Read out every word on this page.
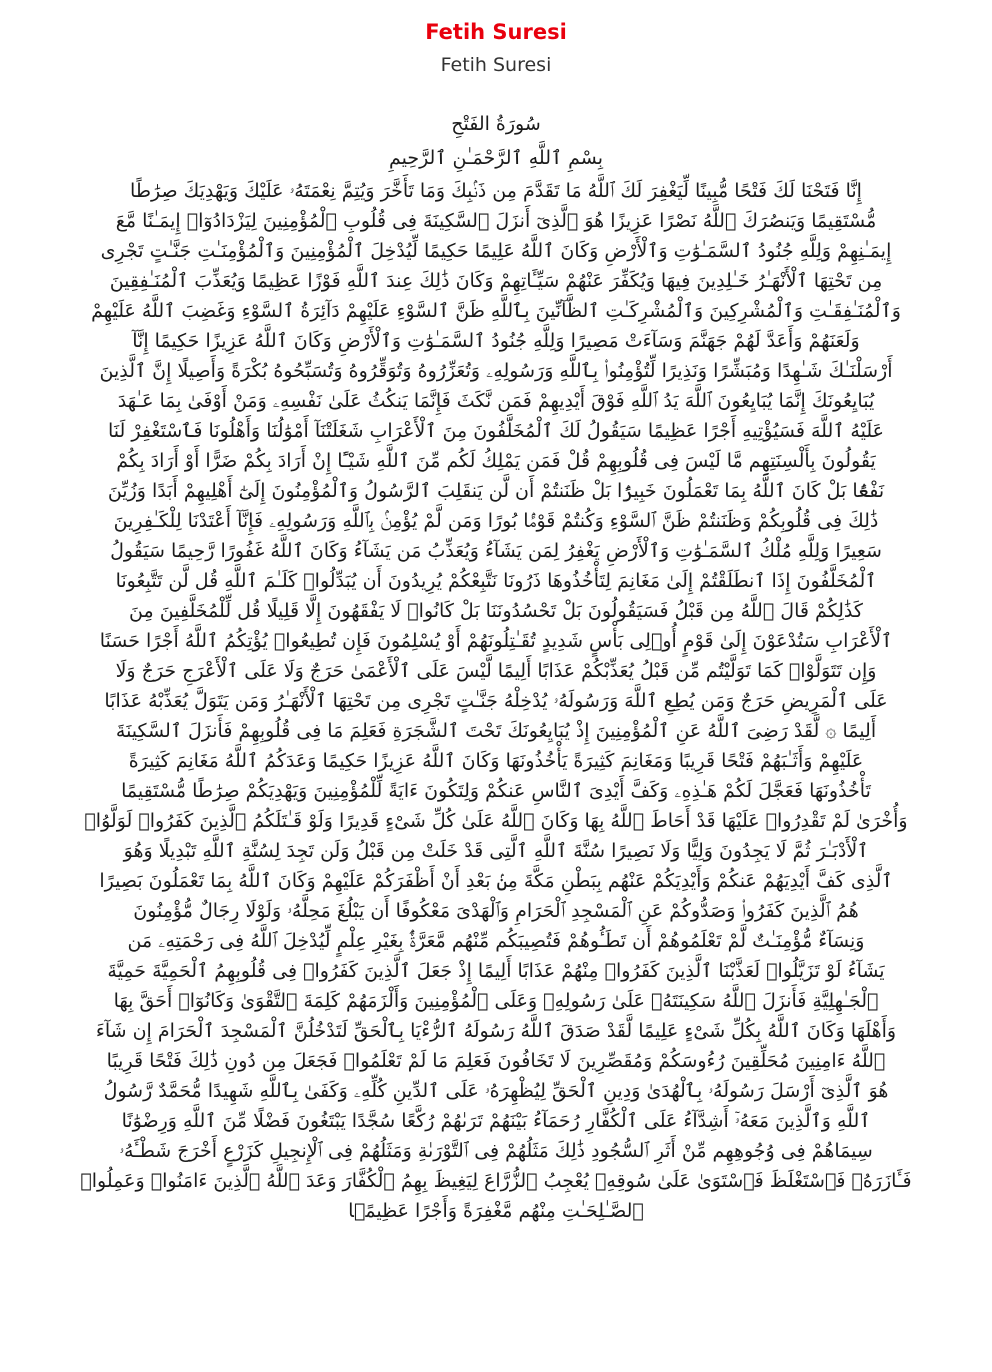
Fetih Suresi
Fetih Suresi
سُورَةُ الفَتْحِ
بِسْمِ ٱللَّهِ ٱلرَّحْمَـٰنِ ٱلرَّحِيمِ
إِنَّا فَتَحْنَا لَكَ فَتْحًا مُّبِينًا لِّيَغْفِرَ لَكَ ٱللَّهُ مَا تَقَدَّمَ مِن ذَنۢبِكَ وَمَا تَأَخَّرَ وَيُتِمَّ نِعْمَتَهُۥ عَلَيْكَ وَيَهْدِيَكَ صِرَٰطًا
مُّسْتَقِيمًا وَيَنصُرَكَ ٱللَّهُ نَصْرًا عَزِيزًا هُوَ ٱلَّذِىٓ أَنزَلَ ٱلسَّكِينَةَ فِى قُلُوبِ ٱلْمُؤْمِنِينَ لِيَزْدَادُوٓا۟ إِيمَـٰنًا مَّعَ
إِيمَـٰنِهِمْ وَلِلَّهِ جُنُودُ ٱلسَّمَـٰوَٰتِ وَٱلْأَرْضِ وَكَانَ ٱللَّهُ عَلِيمًا حَكِيمًا لِّيُدْخِلَ ٱلْمُؤْمِنِينَ وَٱلْمُؤْمِنَـٰتِ جَنَّـٰتٍ تَجْرِى
مِن تَحْتِهَا ٱلْأَنْهَـٰرُ خَـٰلِدِينَ فِيهَا وَيُكَفِّرَ عَنْهُمْ سَيِّـَٔاتِهِمْ وَكَانَ ذَٰلِكَ عِندَ ٱللَّهِ فَوْزًا عَظِيمًا وَيُعَذِّبَ ٱلْمُنَـٰفِقِينَ
وَٱلْمُنَـٰفِقَـٰتِ وَٱلْمُشْرِكِينَ وَٱلْمُشْرِكَـٰتِ ٱلظَّآنِّينَ بِٱللَّهِ ظَنَّ ٱلسَّوْءِ عَلَيْهِمْ دَآئِرَةُ ٱلسَّوْءِ وَغَضِبَ ٱللَّهُ عَلَيْهِمْ
وَلَعَنَهُمْ وَأَعَدَّ لَهُمْ جَهَنَّمَ وَسَآءَتْ مَصِيرًا وَلِلَّهِ جُنُودُ ٱلسَّمَـٰوَٰتِ وَٱلْأَرْضِ وَكَانَ ٱللَّهُ عَزِيزًا حَكِيمًا إِنَّآ
أَرْسَلْنَـٰكَ شَـٰهِدًا وَمُبَشِّرًا وَنَذِيرًا لِّتُؤْمِنُوا۟ بِٱللَّهِ وَرَسُولِهِۦ وَتُعَزِّرُوهُ وَتُوَقِّرُوهُ وَتُسَبِّحُوهُ بُكْرَةً وَأَصِيلًا إِنَّ ٱلَّذِينَ
يُبَايِعُونَكَ إِنَّمَا يُبَايِعُونَ ٱللَّهَ يَدُ ٱللَّهِ فَوْقَ أَيْدِيهِمْ فَمَن نَّكَثَ فَإِنَّمَا يَنكُثُ عَلَىٰ نَفْسِهِۦ وَمَنْ أَوْفَىٰ بِمَا عَـٰهَدَ
عَلَيْهُ ٱللَّهَ فَسَيُؤْتِيهِ أَجْرًا عَظِيمًا سَيَقُولُ لَكَ ٱلْمُخَلَّفُونَ مِنَ ٱلْأَعْرَابِ شَغَلَتْنَآ أَمْوَٰلُنَا وَأَهْلُونَا فَٱسْتَغْفِرْ لَنَا
يَقُولُونَ بِأَلْسِنَتِهِم مَّا لَيْسَ فِى قُلُوبِهِمْ قُلْ فَمَن يَمْلِكُ لَكُم مِّنَ ٱللَّهِ شَيْـًٔا إِنْ أَرَادَ بِكُمْ ضَرًّا أَوْ أَرَادَ بِكُمْ
نَفْعًۢا بَلْ كَانَ ٱللَّهُ بِمَا تَعْمَلُونَ خَبِيرًۢا بَلْ ظَنَنتُمْ أَن لَّن يَنقَلِبَ ٱلرَّسُولُ وَٱلْمُؤْمِنُونَ إِلَىٰٓ أَهْلِيهِمْ أَبَدًا وَزُيِّنَ
ذَٰلِكَ فِى قُلُوبِكُمْ وَظَنَنتُمْ ظَنَّ ٱلسَّوْءِ وَكُنتُمْ قَوْمًۢا بُورًا وَمَن لَّمْ يُؤْمِنۢ بِٱللَّهِ وَرَسُولِهِۦ فَإِنَّآ أَعْتَدْنَا لِلْكَـٰفِرِينَ
سَعِيرًا وَلِلَّهِ مُلْكُ ٱلسَّمَـٰوَٰتِ وَٱلْأَرْضِ يَغْفِرُ لِمَن يَشَآءُ وَيُعَذِّبُ مَن يَشَآءُ وَكَانَ ٱللَّهُ غَفُورًا رَّحِيمًا سَيَقُولُ
ٱلْمُخَلَّفُونَ إِذَا ٱنطَلَقْتُمْ إِلَىٰ مَغَانِمَ لِتَأْخُذُوهَا ذَرُونَا نَتَّبِعْكُمْ يُرِيدُونَ أَن يُبَدِّلُوا۟ كَلَـٰمَ ٱللَّهِ قُل لَّن تَتَّبِعُونَا
كَذَٰلِكُمْ قَالَ ٱللَّهُ مِن قَبْلُ فَسَيَقُولُونَ بَلْ تَحْسُدُونَنَا بَلْ كَانُوا۟ لَا يَفْقَهُونَ إِلَّا قَلِيلًا قُل لِّلْمُخَلَّفِينَ مِنَ
ٱلْأَعْرَابِ سَتُدْعَوْنَ إِلَىٰ قَوْمٍ أُو۟لِى بَأْسٍ شَدِيدٍ تُقَـٰتِلُونَهُمْ أَوْ يُسْلِمُونَ فَإِن تُطِيعُوا۟ يُؤْتِكُمُ ٱللَّهُ أَجْرًا حَسَنًا
وَإِن تَتَوَلَّوْا۟ كَمَا تَوَلَّيْتُم مِّن قَبْلُ يُعَذِّبْكُمْ عَذَابًا أَلِيمًا لَّيْسَ عَلَى ٱلْأَعْمَىٰ حَرَجٌ وَلَا عَلَى ٱلْأَعْرَجِ حَرَجٌ وَلَا
عَلَى ٱلْمَرِيضِ حَرَجٌ وَمَن يُطِعِ ٱللَّهَ وَرَسُولَهُۥ يُدْخِلْهُ جَنَّـٰتٍ تَجْرِى مِن تَحْتِهَا ٱلْأَنْهَـٰرُ وَمَن يَتَوَلَّ يُعَذِّبْهُ عَذَابًا
أَلِيمًا ۞ لَّقَدْ رَضِىَ ٱللَّهُ عَنِ ٱلْمُؤْمِنِينَ إِذْ يُبَايِعُونَكَ تَحْتَ ٱلشَّجَرَةِ فَعَلِمَ مَا فِى قُلُوبِهِمْ فَأَنزَلَ ٱلسَّكِينَةَ
عَلَيْهِمْ وَأَثَـٰبَهُمْ فَتْحًا قَرِيبًا وَمَغَانِمَ كَثِيرَةً يَأْخُذُونَهَا وَكَانَ ٱللَّهُ عَزِيزًا حَكِيمًا وَعَدَكُمُ ٱللَّهُ مَغَانِمَ كَثِيرَةً
تَأْخُذُونَهَا فَعَجَّلَ لَكُمْ هَـٰذِهِۦ وَكَفَّ أَيْدِىَ ٱلنَّاسِ عَنكُمْ وَلِتَكُونَ ءَايَةً لِّلْمُؤْمِنِينَ وَيَهْدِيَكُمْ صِرَٰطًا مُّسْتَقِيمًا
وَأُخْرَىٰ لَمْ تَقْدِرُوا۟ عَلَيْهَا قَدْ أَحَاطَ ٱللَّهُ بِهَا وَكَانَ ٱللَّهُ عَلَىٰ كُلِّ شَىْءٍ قَدِيرًا وَلَوْ قَـٰتَلَكُمُ ٱلَّذِينَ كَفَرُوا۟ لَوَلَّوُا۟
ٱلْأَدْبَـٰرَ ثُمَّ لَا يَجِدُونَ وَلِيًّا وَلَا نَصِيرًا سُنَّةَ ٱللَّهِ ٱلَّتِى قَدْ خَلَتْ مِن قَبْلُ وَلَن تَجِدَ لِسُنَّةِ ٱللَّهِ تَبْدِيلًا وَهُوَ
ٱلَّذِى كَفَّ أَيْدِيَهُمْ عَنكُمْ وَأَيْدِيَكُمْ عَنْهُم بِبَطْنِ مَكَّةَ مِنۢ بَعْدِ أَنْ أَظْفَرَكُمْ عَلَيْهِمْ وَكَانَ ٱللَّهُ بِمَا تَعْمَلُونَ بَصِيرًا
هُمُ ٱلَّذِينَ كَفَرُوا۟ وَصَدُّوكُمْ عَنِ ٱلْمَسْجِدِ ٱلْحَرَامِ وَٱلْهَدْىَ مَعْكُوفًا أَن يَبْلُغَ مَحِلَّهُۥ وَلَوْلَا رِجَالٌ مُّؤْمِنُونَ
وَنِسَآءٌ مُّؤْمِنَـٰتٌ لَّمْ تَعْلَمُوهُمْ أَن تَطَـُٔوهُمْ فَتُصِيبَكُم مِّنْهُم مَّعَرَّةٌۢ بِغَيْرِ عِلْمٍ لِّيُدْخِلَ ٱللَّهُ فِى رَحْمَتِهِۦ مَن
يَشَآءُ لَوْ تَزَيَّلُوا۟ لَعَذَّبْنَا ٱلَّذِينَ كَفَرُوا۟ مِنْهُمْ عَذَابًا أَلِيمًا إِذْ جَعَلَ ٱلَّذِينَ كَفَرُوا۟ فِى قُلُوبِهِمُ ٱلْحَمِيَّةَ حَمِيَّةَ
ٱلْجَـٰهِلِيَّةِ فَأَنزَلَ ٱللَّهُ سَكِينَتَهُۥ عَلَىٰ رَسُولِهِۦ وَعَلَى ٱلْمُؤْمِنِينَ وَأَلْزَمَهُمْ كَلِمَةَ ٱلتَّقْوَىٰ وَكَانُوٓا۟ أَحَقَّ بِهَا
وَأَهْلَهَا وَكَانَ ٱللَّهُ بِكُلِّ شَىْءٍ عَلِيمًا لَّقَدْ صَدَقَ ٱللَّهُ رَسُولَهُ ٱلرُّءْيَا بِٱلْحَقِّ لَتَدْخُلُنَّ ٱلْمَسْجِدَ ٱلْحَرَامَ إِن شَآءَ
ٱللَّهُ ءَامِنِينَ مُحَلِّقِينَ رُءُوسَكُمْ وَمُقَصِّرِينَ لَا تَخَافُونَ فَعَلِمَ مَا لَمْ تَعْلَمُوا۟ فَجَعَلَ مِن دُونِ ذَٰلِكَ فَتْحًا قَرِيبًا
هُوَ ٱلَّذِىٓ أَرْسَلَ رَسُولَهُۥ بِٱلْهُدَىٰ وَدِينِ ٱلْحَقِّ لِيُظْهِرَهُۥ عَلَى ٱلدِّينِ كُلِّهِۦ وَكَفَىٰ بِٱللَّهِ شَهِيدًا مُّحَمَّدٌ رَّسُولُ
ٱللَّهِ وَٱلَّذِينَ مَعَهُۥٓ أَشِدَّآءُ عَلَى ٱلْكُفَّارِ رُحَمَآءُ بَيْنَهُمْ تَرَىٰهُمْ رُكَّعًا سُجَّدًا يَبْتَغُونَ فَضْلًا مِّنَ ٱللَّهِ وَرِضْوَٰنًا
سِيمَاهُمْ فِى وُجُوهِهِم مِّنْ أَثَرِ ٱلسُّجُودِ ذَٰلِكَ مَثَلُهُمْ فِى ٱلتَّوْرَىٰةِ وَمَثَلُهُمْ فِى ٱلْإِنجِيلِ كَزَرْعٍ أَخْرَجَ شَطْـَٔهُۥ
فَـَٔازَرَهُۥ فَٱسْتَغْلَظَ فَٱسْتَوَىٰ عَلَىٰ سُوقِهِۦ يُعْجِبُ ٱلزُّرَّاعَ لِيَغِيظَ بِهِمُ ٱلْكُفَّارَ وَعَدَ ٱللَّهُ ٱلَّذِينَ ءَامَنُوا۟ وَعَمِلُوا۟
ٱلصَّـٰلِحَـٰتِ مِنْهُم مَّغْفِرَةً وَأَجْرًا عَظِيمًۢا
